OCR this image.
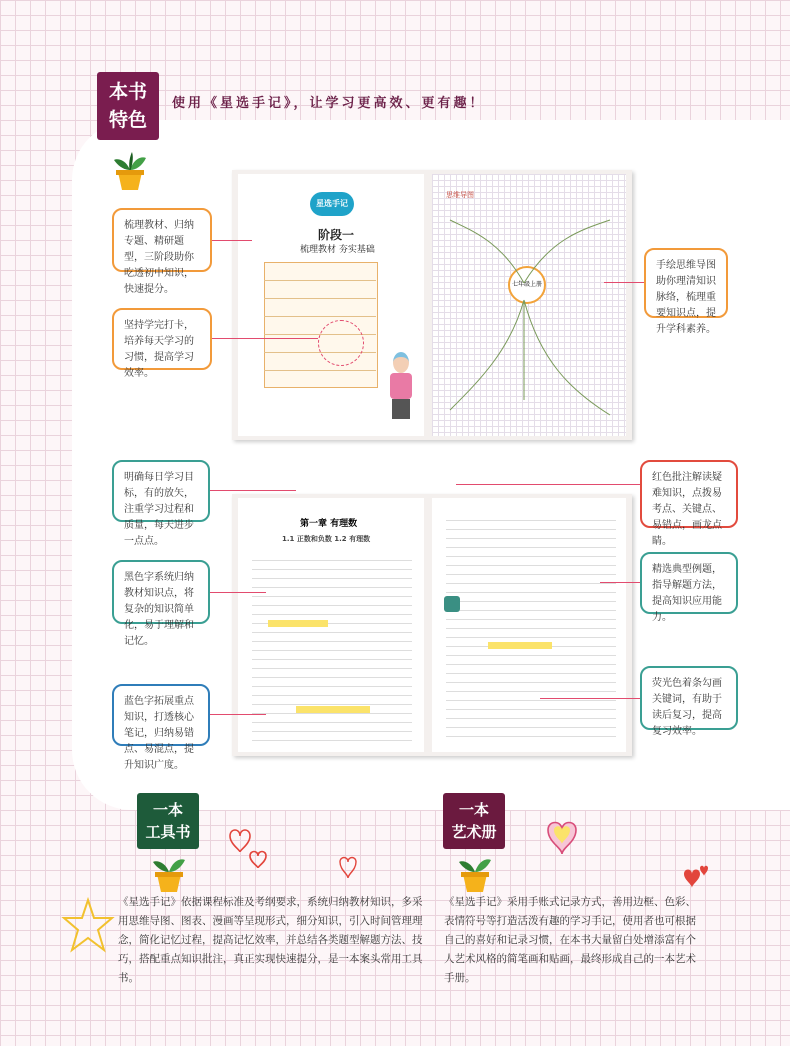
本书
特色
使用《星选手记》，让学习更高效、更有趣！
星选手记
阶段一
梳理教材 夯实基础
思维导图
七年级上册
梳理教材、归纳专题、精研题型，三阶段助你吃透初中知识，快速提分。
坚持学完打卡，培养每天学习的习惯，提高学习效率。
手绘思维导图助你理清知识脉络，梳理重要知识点，提升学科素养。
第一章 有理数
1.1 正数和负数 1.2 有理数
明确每日学习目标，有的放矢，注重学习过程和质量，每天进步一点点。
黑色字系统归纳教材知识点，将复杂的知识简单化，易于理解和记忆。
蓝色字拓展重点知识，打透核心笔记，归纳易错点、易混点，提升知识广度。
红色批注解读疑难知识，点拨易考点、关键点、易错点，画龙点睛。
精选典型例题，指导解题方法，提高知识应用能力。
荧光色着条勾画关键词，有助于读后复习，提高复习效率。
一本
工具书
《星选手记》依据课程标准及考纲要求，系统归纳教材知识，多采用思维导图、图表、漫画等呈现形式，细分知识，引入时间管理理念，简化记忆过程，提高记忆效率，并总结各类题型解题方法、技巧，搭配重点知识批注，真正实现快速提分，是一本案头常用工具书。
一本
艺术册
《星选手记》采用手账式记录方式，善用边框、色彩、表情符号等打造活泼有趣的学习手记，使用者也可根据自己的喜好和记录习惯，在本书大量留白处增添富有个人艺术风格的简笔画和贴画，最终形成自己的一本艺术手册。
